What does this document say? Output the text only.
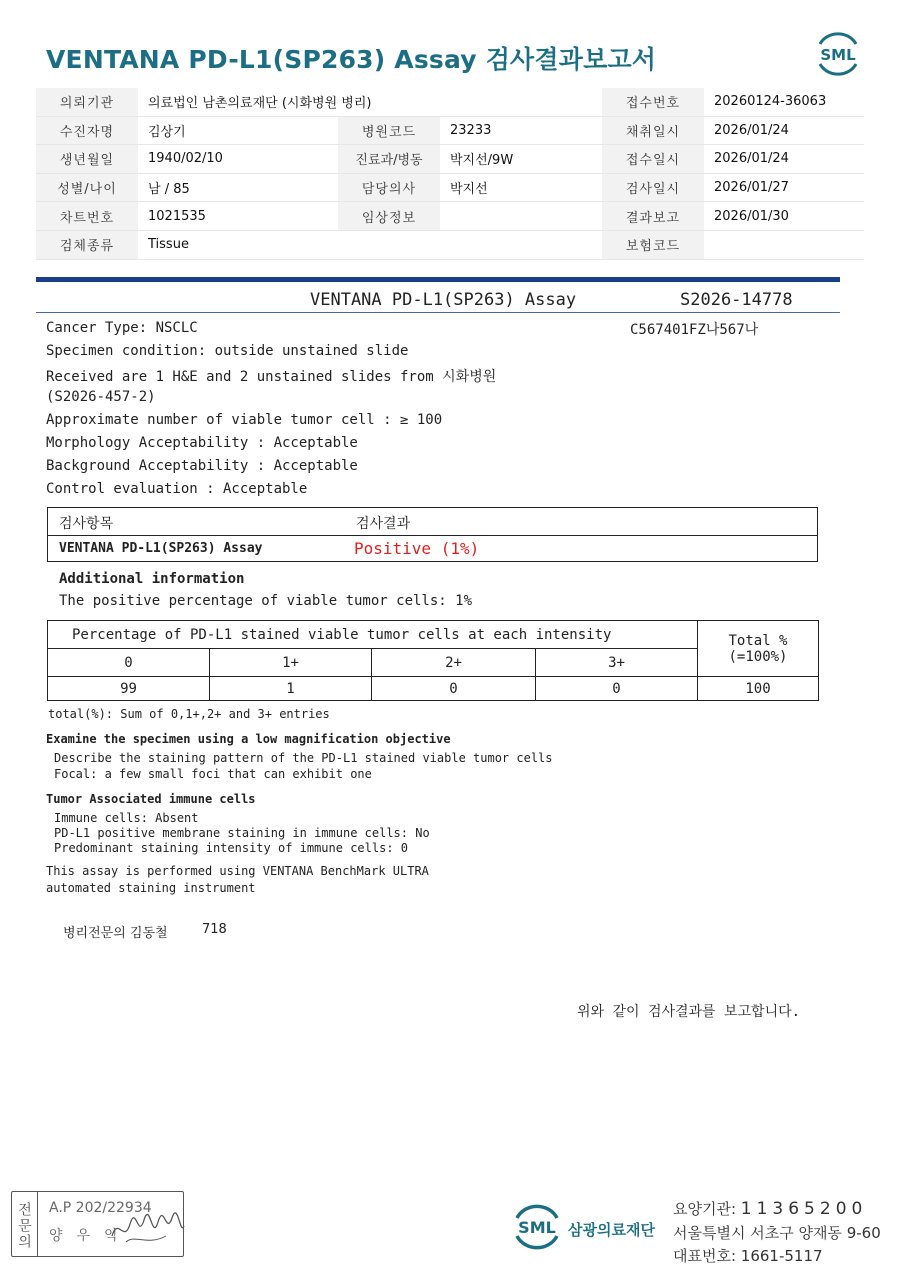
VENTANA PD-L1(SP263) Assay 검사결과보고서	SML
의뢰기관	의료법인 남촌의료재단 (시화병원 병리)			접수번호	20260124-36063
수진자명	김상기	병원코드	23233	채취일시	2026/01/24
생년월일	1940/02/10	진료과/병동	박지선/9W	접수일시	2026/01/24
성별/나이	남 / 85	담당의사	박지선	검사일시	2026/01/27
차트번호	1021535	임상정보		결과보고	2026/01/30
검체종류	Tissue			보험코드	
VENTANA PD-L1(SP263) Assay	S2026-14778
C567401FZ나567나
Cancer Type: NSCLC
Specimen condition: outside unstained slide
Received are 1 H&E and 2 unstained slides from 시화병원
(S2026-457-2)
Approximate number of viable tumor cell : ≥ 100
Morphology Acceptability : Acceptable
Background Acceptability : Acceptable
Control evaluation : Acceptable
검사항목	검사결과
VENTANA PD-L1(SP263) Assay	Positive (1%)
Additional information
The positive percentage of viable tumor cells: 1%
Percentage of PD-L1 stained viable tumor cells at each intensity				Total %
(=100%)

0	1+	2+	3+	
99	1	0	0	100
total(%): Sum of 0,1+,2+ and 3+ entries
Examine the specimen using a low magnification objective
Describe the staining pattern of the PD-L1 stained viable tumor cells
Focal: a few small foci that can exhibit one
Tumor Associated immune cells
Immune cells: Absent
PD-L1 positive membrane staining in immune cells: No
Predominant staining intensity of immune cells: 0
This assay is performed using VENTANA BenchMark ULTRA
automated staining instrument
병리전문의 김동철	718
위와 같이 검사결과를 보고합니다.
전문의	A.P 202/22934
양우익	SML 삼광의료재단
요양기관: 11365200
서울특별시 서초구 양재동 9-60
대표번호: 1661-5117
